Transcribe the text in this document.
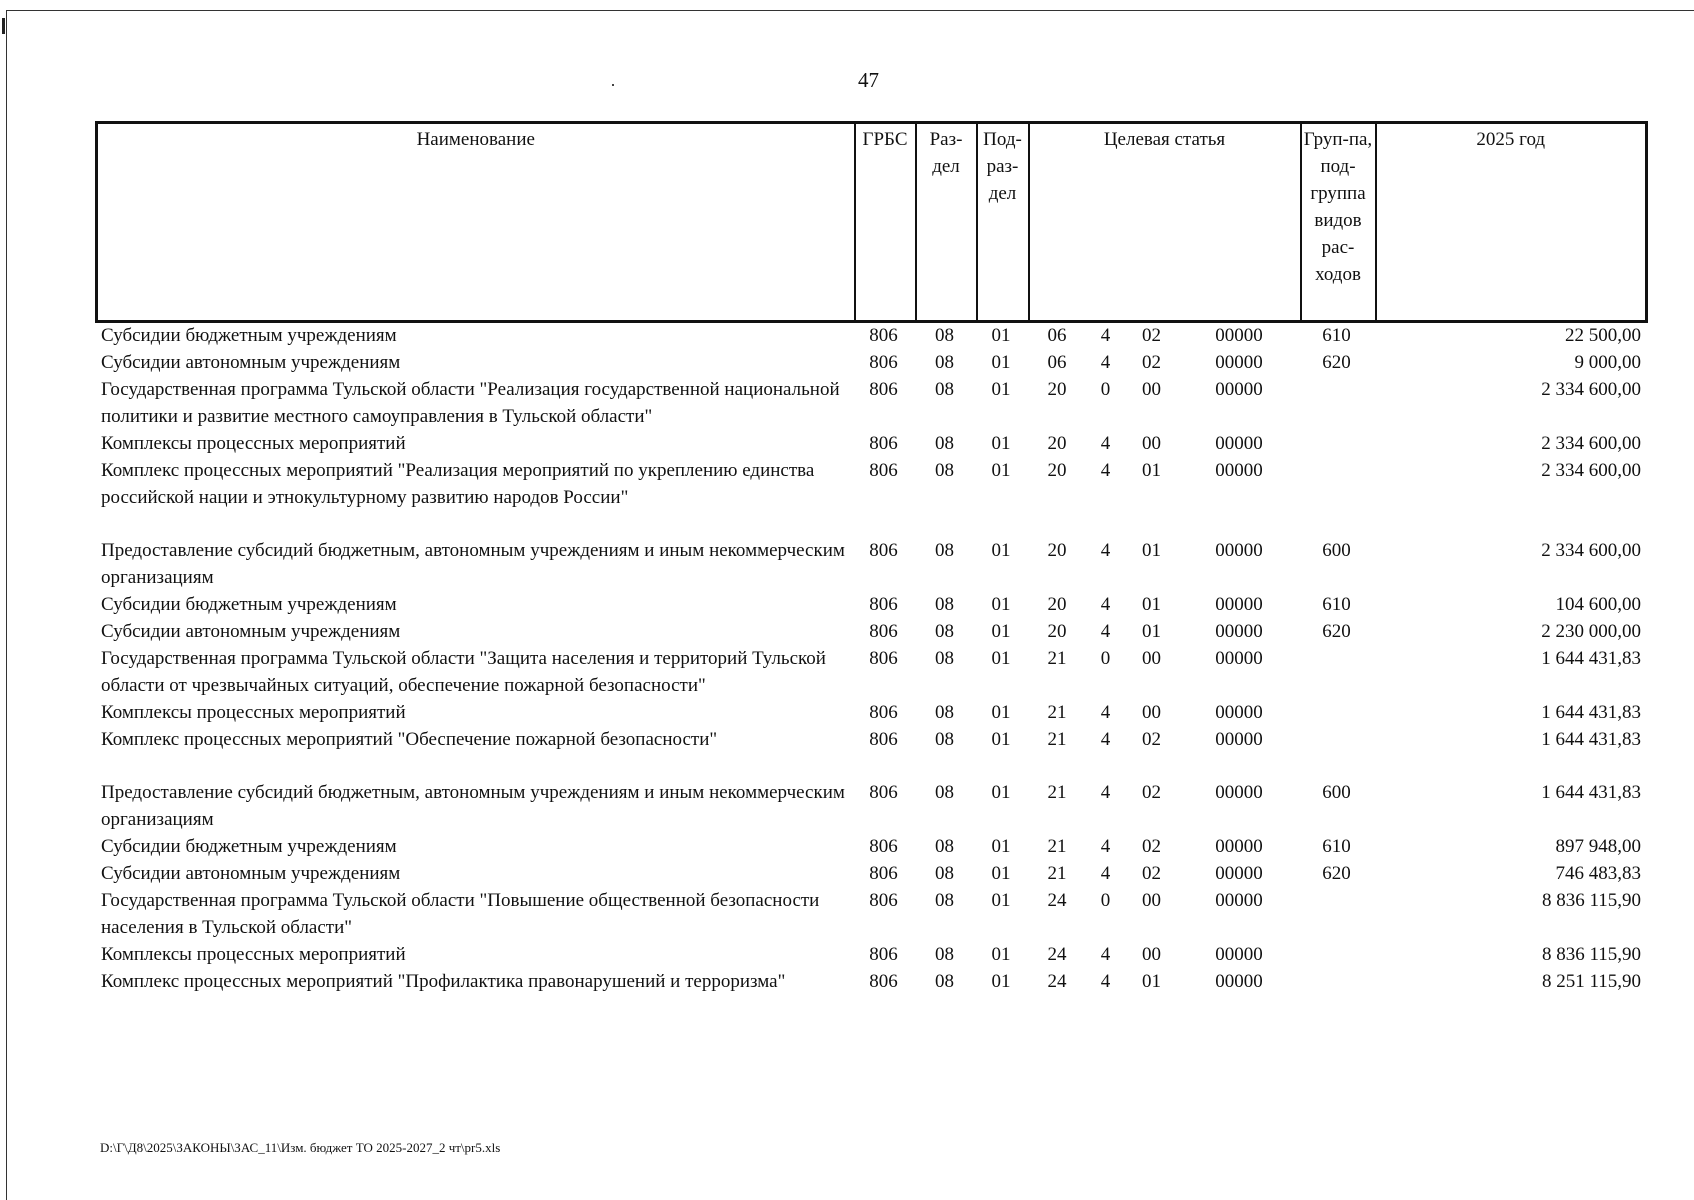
47
Наименование	ГРБС	Раз-дел	Под-раз-дел	Целевая статья	Груп-па, под-группа видов рас-ходов	2025 год
Субсидии бюджетным учреждениям	806	08	01	06	4	02	00000	610	22 500,00
Субсидии автономным учреждениям	806	08	01	06	4	02	00000	620	9 000,00
Государственная программа Тульской области "Реализация государственной национальной политики и развитие местного самоуправления в Тульской области"	806	08	01	20	0	00	00000		2 334 600,00
Комплексы процессных мероприятий	806	08	01	20	4	00	00000		2 334 600,00
Комплекс процессных мероприятий "Реализация мероприятий по укреплению единства российской нации и этнокультурному развитию народов России"	806	08	01	20	4	01	00000		2 334 600,00
Предоставление субсидий бюджетным, автономным учреждениям и иным некоммерческим организациям	806	08	01	20	4	01	00000	600	2 334 600,00
Субсидии бюджетным учреждениям	806	08	01	20	4	01	00000	610	104 600,00
Субсидии автономным учреждениям	806	08	01	20	4	01	00000	620	2 230 000,00
Государственная программа Тульской области "Защита населения и территорий Тульской области от чрезвычайных ситуаций, обеспечение пожарной безопасности"	806	08	01	21	0	00	00000		1 644 431,83
Комплексы процессных мероприятий	806	08	01	21	4	00	00000		1 644 431,83
Комплекс процессных мероприятий "Обеспечение пожарной безопасности"	806	08	01	21	4	02	00000		1 644 431,83
Предоставление субсидий бюджетным, автономным учреждениям и иным некоммерческим организациям	806	08	01	21	4	02	00000	600	1 644 431,83
Субсидии бюджетным учреждениям	806	08	01	21	4	02	00000	610	897 948,00
Субсидии автономным учреждениям	806	08	01	21	4	02	00000	620	746 483,83
Государственная программа Тульской области "Повышение общественной безопасности населения в Тульской области"	806	08	01	24	0	00	00000		8 836 115,90
Комплексы процессных мероприятий	806	08	01	24	4	00	00000		8 836 115,90
Комплекс процессных мероприятий "Профилактика правонарушений и терроризма"	806	08	01	24	4	01	00000		8 251 115,90
D:\Г\Д8\2025\ЗАКОНЫ\ЗАС_11\Изм. бюджет ТО 2025-2027_2 чт\pr5.xls
